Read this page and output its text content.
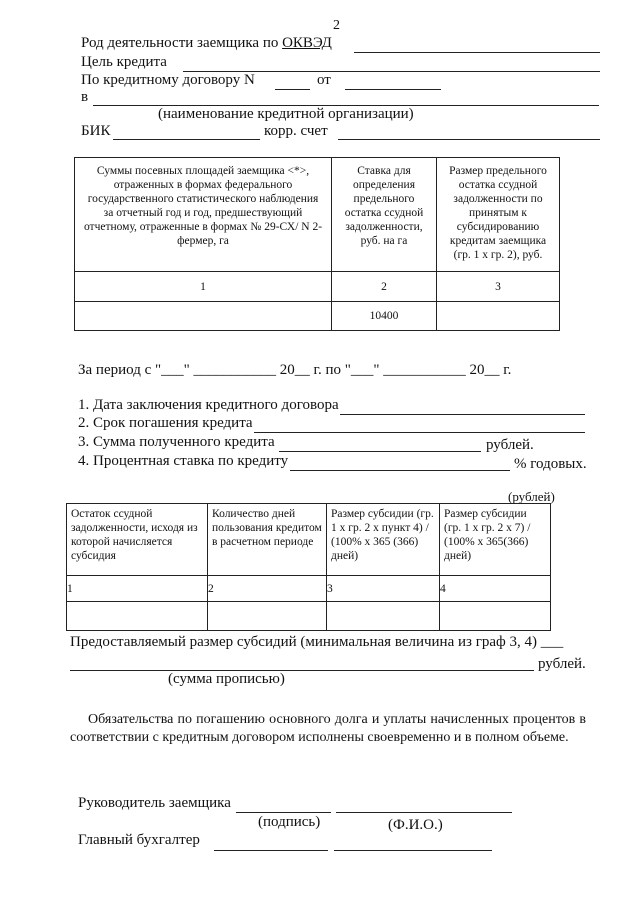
2
Род деятельности заемщика по ОКВЭД
Цель кредита
По кредитному договору N	от
в
(наименование кредитной организации)
БИК	корр. счет
Суммы посевных площадей заемщика <*>, отраженных в формах федерального государственного статистического наблюдения за отчетный год и год, предшествующий отчетному, отраженные в формах № 29-СХ/ N 2-фермер, га	Ставка для определения предельного остатка ссудной задолженности, руб. на га	Размер предельного остатка ссудной задолженности по принятым к субсидированию кредитам заемщика (гр. 1 х гр. 2), руб.
1	2	3
	10400	
За период с "___" ___________ 20__ г. по "___" ___________ 20__ г.
1. Дата заключения кредитного договора
2. Срок погашения кредита
3. Сумма полученного кредита	рублей.
4. Процентная ставка по кредиту	% годовых.
(рублей)
Остаток ссудной задолженности, исходя из которой начисляется субсидия	Количество дней пользования кредитом в расчетном периоде	Размер субсидии (гр. 1 х гр. 2 х пункт 4) / (100% х 365 (366) дней)	Размер субсидии (гр. 1 х гр. 2 х 7) / (100% х 365(366) дней)
1	2	3	4

Предоставляемый размер субсидий (минимальная величина из граф 3, 4) ___
рублей.
(сумма прописью)
Обязательства по погашению основного долга и уплаты начисленных процентов в соответствии с кредитным договором исполнены своевременно и в полном объеме.
Руководитель заемщика
(подпись)	(Ф.И.О.)
Главный бухгалтер
